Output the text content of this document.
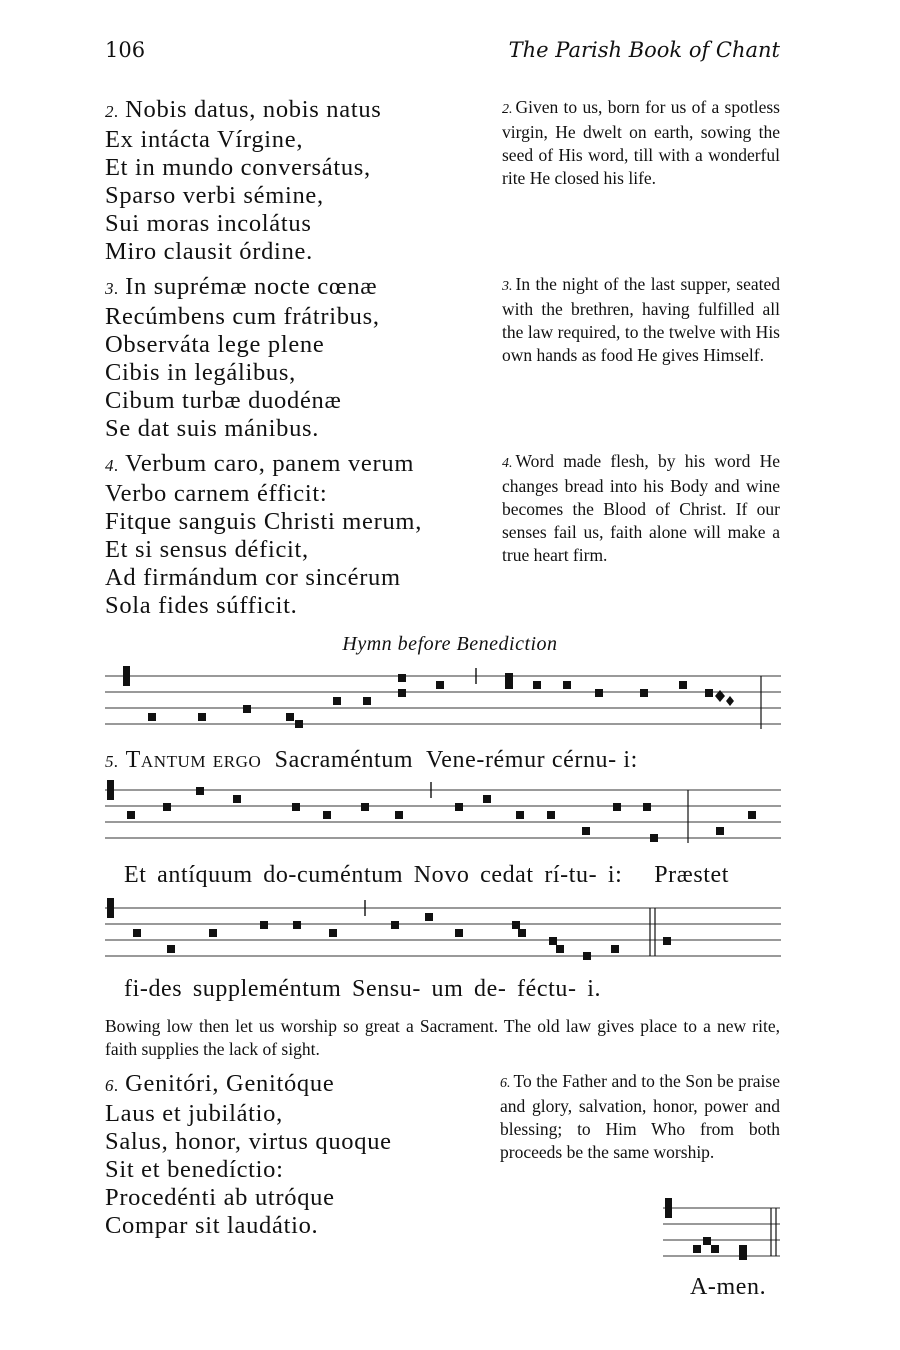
106	The Parish Book of Chant
2. Nobis datus, nobis natus
Ex intácta Vírgine,
Et in mundo conversátus,
Sparso verbi sémine,
Sui moras incolátus
Miro clausit órdine.
2. Given to us, born for us of a spotless virgin, He dwelt on earth, sowing the seed of His word, till with a wonderful rite He closed his life.
3. In suprémæ nocte cœnæ
Recúmbens cum frátribus,
Observáta lege plene
Cibis in legálibus,
Cibum turbæ duodénæ
Se dat suis mánibus.
3. In the night of the last supper, seated with the brethren, having fulfilled all the law required, to the twelve with His own hands as food He gives Himself.
4. Verbum caro, panem verum
Verbo carnem éfficit:
Fitque sanguis Christi merum,
Et si sensus déficit,
Ad firmándum cor sincérum
Sola fides súfficit.
4. Word made flesh, by his word He changes bread into his Body and wine becomes the Blood of Christ. If our senses fail us, faith alone will make a true heart firm.
Hymn before Benediction
5. Tantum ergo Sacraméntum Vene-rémur cérnu- i:
Et antíquum do-cuméntum Novo cedat rí-tu- i: Præstet
fi-des suppleméntum Sensu- um de- féctu- i.
Bowing low then let us worship so great a Sacrament. The old law gives place to a new rite, faith supplies the lack of sight.
6. Genitóri, Genitóque
Laus et jubilátio,
Salus, honor, virtus quoque
Sit et benedíctio:
Procedénti ab utróque
Compar sit laudátio.
6. To the Father and to the Son be praise and glory, salvation, honor, power and blessing; to Him Who from both proceeds be the same worship.
A-men.
